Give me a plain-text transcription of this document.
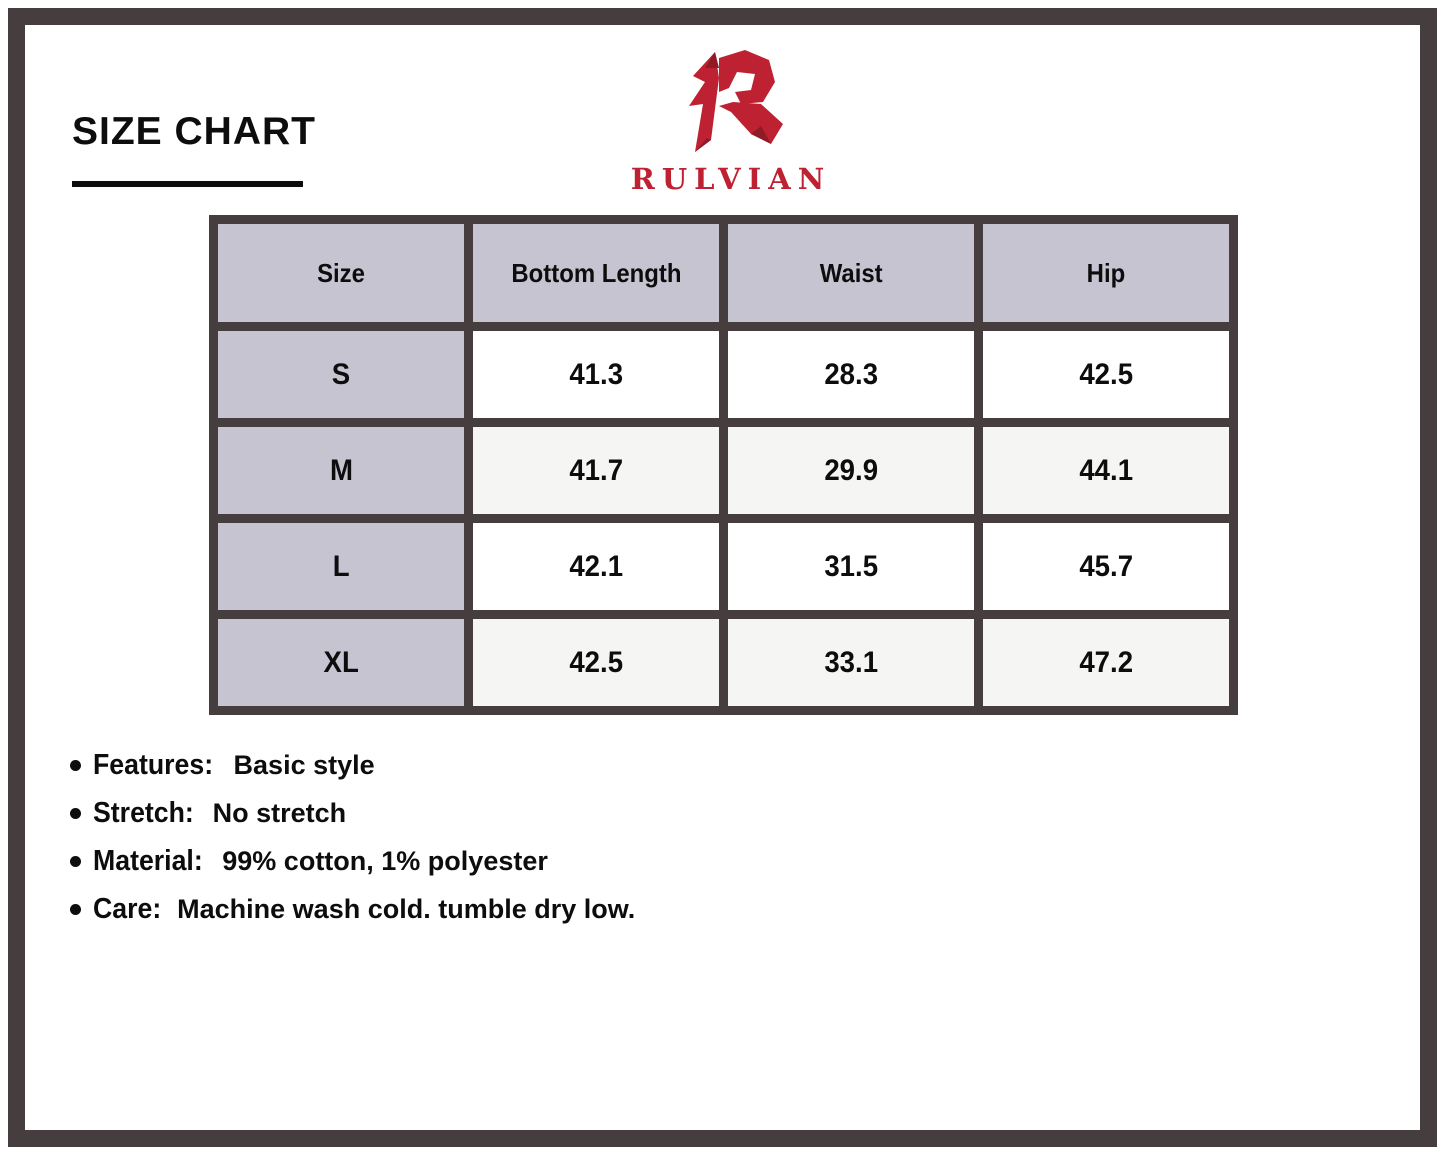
SIZE CHART
RULVIAN
Size	Bottom Length	Waist	Hip
S	41.3	28.3	42.5
M	41.7	29.9	44.1
L	42.1	31.5	45.7
XL	42.5	33.1	47.2
Features: Basic style
Stretch: No stretch
Material: 99% cotton, 1% polyester
Care: Machine wash cold. tumble dry low.
